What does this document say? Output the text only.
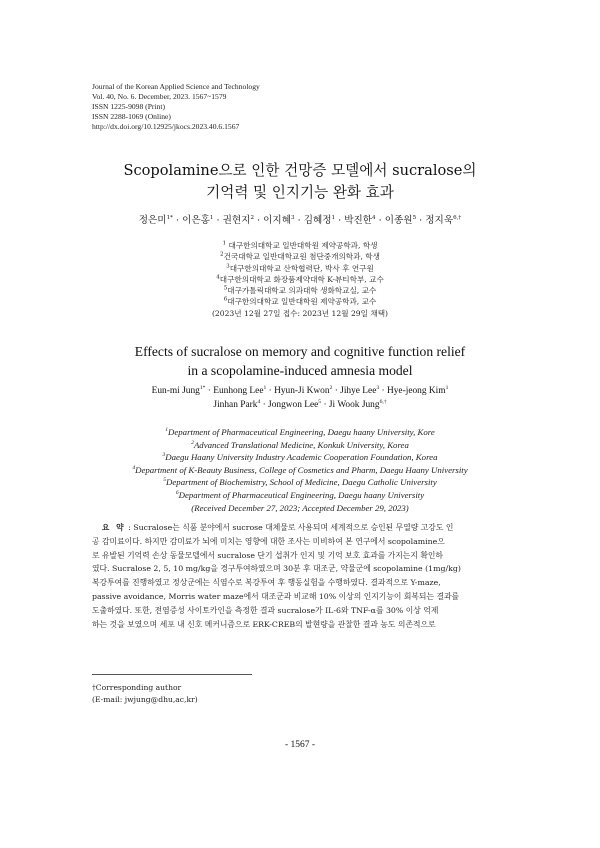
Journal of the Korean Applied Science and Technology
Vol. 40, No. 6. December, 2023. 1567~1579
ISSN 1225-9098 (Print)
ISSN 2288-1069 (Online)
http://dx.doi.org/10.12925/jkocs.2023.40.6.1567
Scopolamine으로 인한 건망증 모델에서 sucralose의
기억력 및 인지기능 완화 효과
정은미$^{1*}$ · 이은홍$^1$ · 권현지$^2$ · 이지혜$^3$ · 김혜정$^1$ · 박진한$^4$ · 이종원$^5$ · 정지욱$^{6,\dagger}$
$^1$ 대구한의대학교 일반대학원 제약공학과, 학생
$^2$건국대학교 일반대학교원 첨단중개의학과, 학생
$^3$대구한의대학교 산학협력단, 박사 후 연구원
$^4$대구한의대학교 화장품제약대학 K-뷰티학부, 교수
$^5$대구가톨릭대학교 의과대학 생화학교실, 교수
$^6$대구한의대학교 일반대학원 제약공학과, 교수
(2023년 12월 27일 접수: 2023년 12월 29일 채택)
Effects of sucralose on memory and cognitive function relief
in a scopolamine-induced amnesia model
Eun-mi Jung$^{1*}$ · Eunhong Lee$^1$ · Hyun-Ji Kwon$^2$ · Jihye Lee$^3$ · Hye-jeong Kim$^1$
Jinhan Park$^4$ · Jongwon Lee$^5$ · Ji Wook Jung$^{6,\dagger}$
$^1$Department of Pharmaceutical Engineering, Daegu haany University, Kore
$^2$Advanced Translational Medicine, Konkuk University, Korea
$^3$Daegu Haany University Industry Academic Cooperation Foundation, Korea
$^4$Department of K-Beauty Business, College of Cosmetics and Pharm, Daegu Haany University
$^5$Department of Biochemistry, School of Medicine, Daegu Catholic University
$^6$Department of Pharmaceutical Engineering, Daegu haany University
(Received December 27, 2023; Accepted December 29, 2023)
요 약 : Sucralose는 식품 분야에서 sucrose 대체물로 사용되며 세계적으로 승인된 무열량 고강도 인
공 감미료이다. 하지만 감미료가 뇌에 미치는 영향에 대한 조사는 미비하여 본 연구에서 scopolamine으
로 유발된 기억력 손상 동물모델에서 sucralose 단기 섭취가 인지 및 기억 보호 효과를 가지는지 확인하
였다. Sucralose 2, 5, 10 mg/kg을 경구투여하였으며 30분 후 대조군, 약물군에 scopolamine (1mg/kg)
복강투여를 진행하였고 정상군에는 식염수로 복강투여 후 행동실험을 수행하였다. 결과적으로 Y-maze,
passive avoidance, Morris water maze에서 대조군과 비교해 10% 이상의 인지기능이 회복되는 결과를
도출하였다. 또한, 전염증성 사이토카인을 측정한 결과 sucralose가 IL-6와 TNF-α를 30% 이상 억제
하는 것을 보였으며 세포 내 신호 메커니즘으로 ERK-CREB의 발현량을 관찰한 결과 농도 의존적으로
†Corresponding author
(E-mail: jwjung@dhu,ac,kr)
- 1567 -
